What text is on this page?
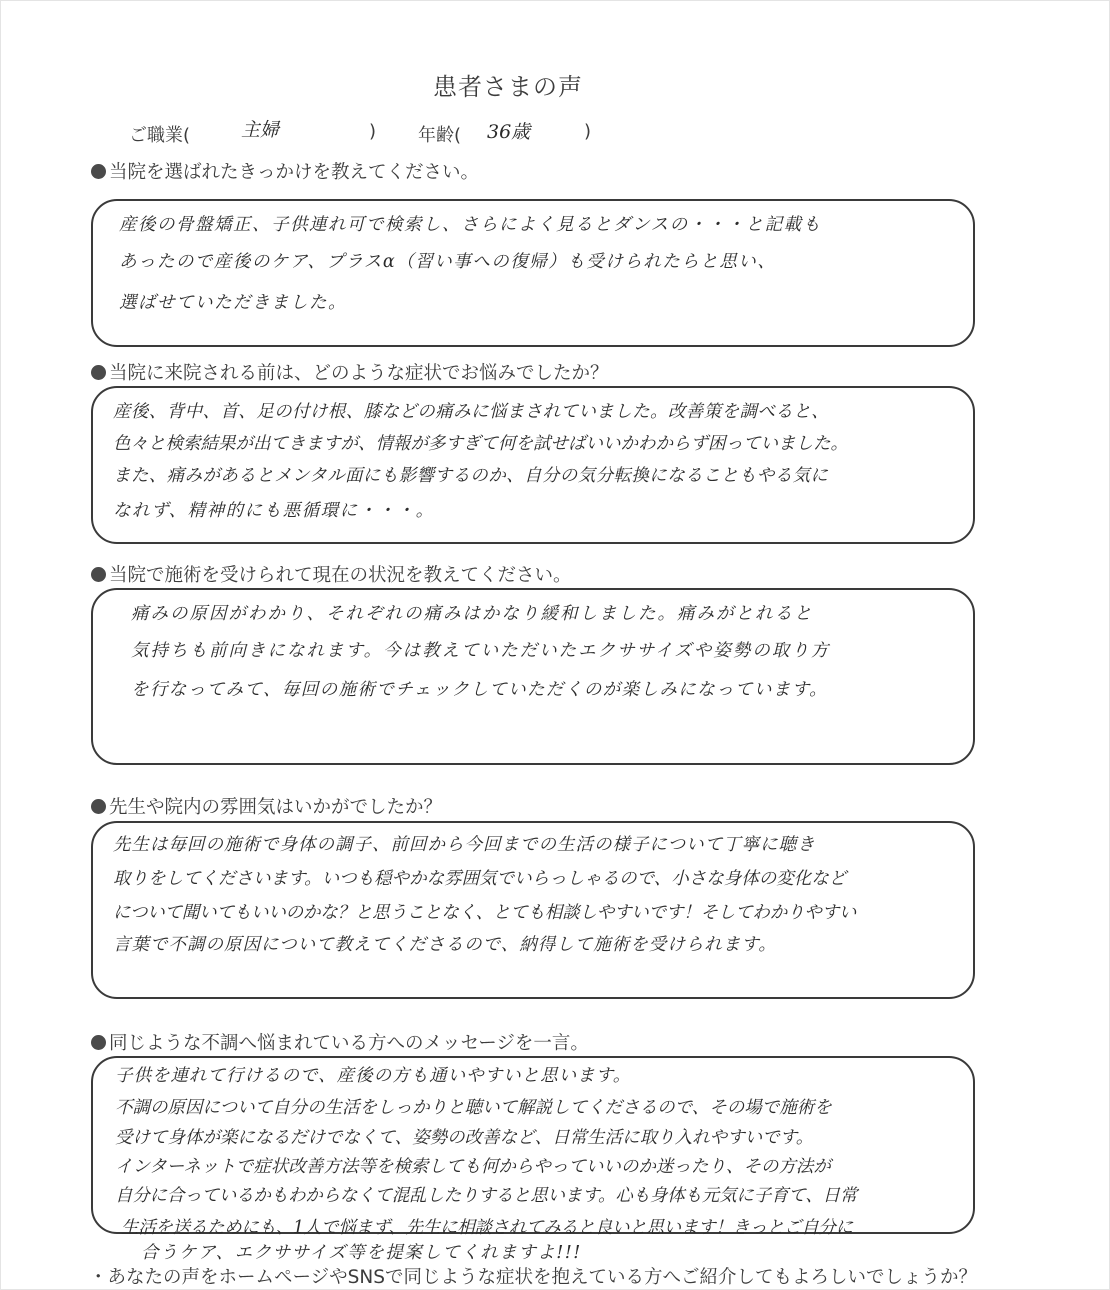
患者さまの声
ご職業(	主婦	) 年齢( 36歳	)
当院を選ばれたきっかけを教えてください。
産後の骨盤矯正、子供連れ可で検索し、さらによく見るとダンスの・・・と記載も
あったので産後のケア、プラスα（習い事への復帰）も受けられたらと思い、
選ばせていただきました。
当院に来院される前は、どのような症状でお悩みでしたか？
産後、背中、首、足の付け根、膝などの痛みに悩まされていました。改善策を調べると、
色々と検索結果が出てきますが、情報が多すぎて何を試せばいいかわからず困っていました。
また、痛みがあるとメンタル面にも影響するのか、自分の気分転換になることもやる気に
なれず、精神的にも悪循環に・・・。
当院で施術を受けられて現在の状況を教えてください。
痛みの原因がわかり、それぞれの痛みはかなり緩和しました。痛みがとれると
気持ちも前向きになれます。今は教えていただいたエクササイズや姿勢の取り方
を行なってみて、毎回の施術でチェックしていただくのが楽しみになっています。
先生や院内の雰囲気はいかがでしたか？
先生は毎回の施術で身体の調子、前回から今回までの生活の様子について丁寧に聴き
取りをしてくださいます。いつも穏やかな雰囲気でいらっしゃるので、小さな身体の変化など
について聞いてもいいのかな？と思うことなく、とても相談しやすいです！そしてわかりやすい
言葉で不調の原因について教えてくださるので、納得して施術を受けられます。
同じような不調へ悩まれている方へのメッセージを一言。
子供を連れて行けるので、産後の方も通いやすいと思います。
不調の原因について自分の生活をしっかりと聴いて解説してくださるので、その場で施術を
受けて身体が楽になるだけでなくて、姿勢の改善など、日常生活に取り入れやすいです。
インターネットで症状改善方法等を検索しても何からやっていいのか迷ったり、その方法が
自分に合っているかもわからなくて混乱したりすると思います。心も身体も元気に子育て、日常
生活を送るためにも、1人で悩まず、先生に相談されてみると良いと思います！きっとご自分に
合うケア、エクササイズ等を提案してくれますよ!!!
・あなたの声をホームページやSNSで同じような症状を抱えている方へご紹介してもよろしいでしょうか？
